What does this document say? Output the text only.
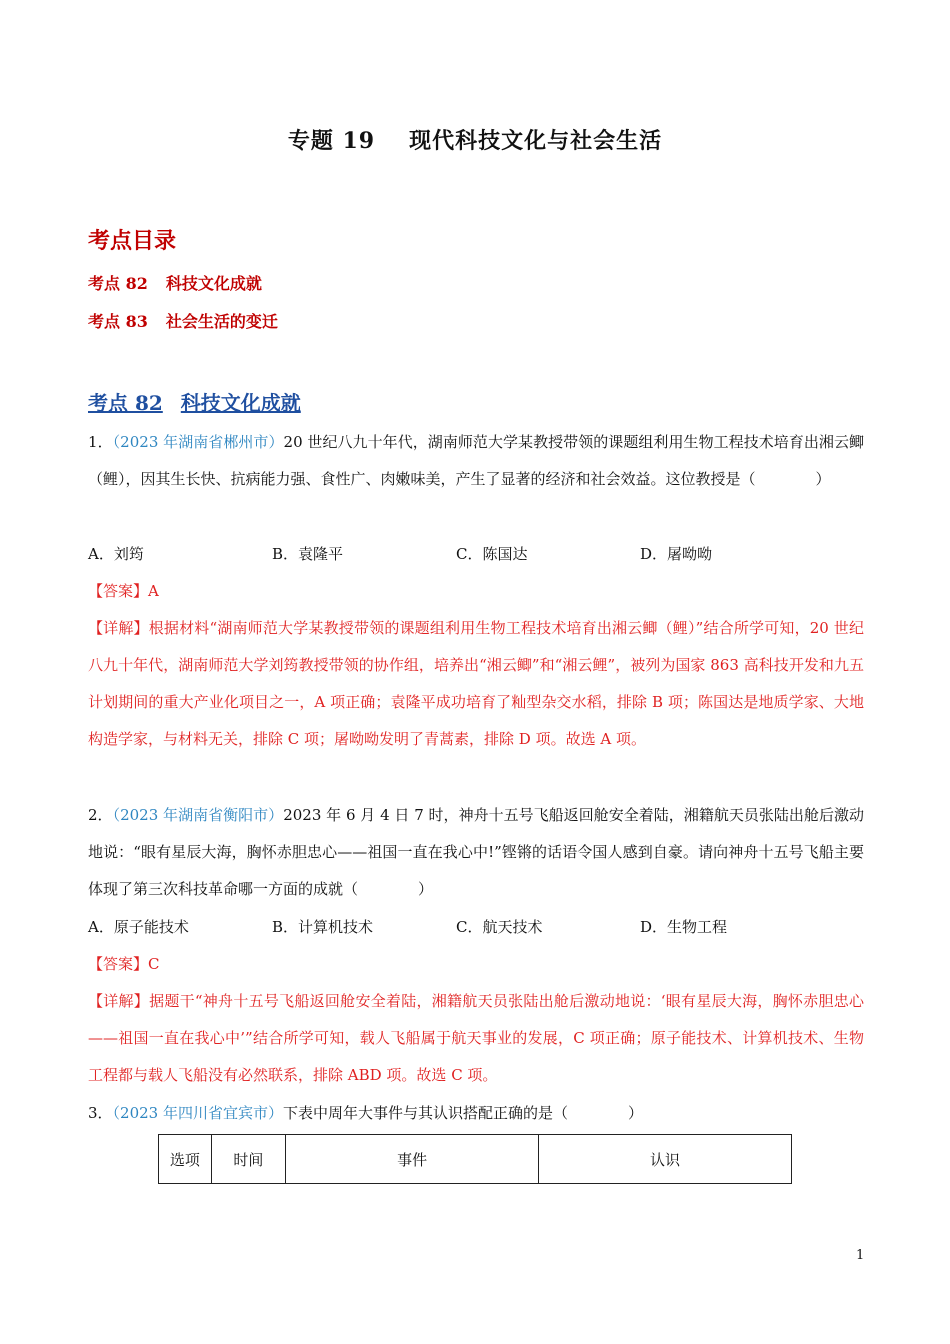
专题 19 现代科技文化与社会生活
考点目录
考点 82 科技文化成就
考点 83 社会生活的变迁
考点 82 科技文化成就
1．（2023 年湖南省郴州市）20 世纪八九十年代，湖南师范大学某教授带领的课题组利用生物工程技术培育出湘云鲫（鲤），因其生长快、抗病能力强、食性广、肉嫩味美，产生了显著的经济和社会效益。这位教授是（　　　　）
A．刘筠	B．袁隆平	C．陈国达	D．屠呦呦
【答案】A
【详解】根据材料“湖南师范大学某教授带领的课题组利用生物工程技术培育出湘云鲫（鲤）”结合所学可知，20 世纪八九十年代，湖南师范大学刘筠教授带领的协作组，培养出“湘云鲫”和“湘云鲤”，被列为国家 863 高科技开发和九五计划期间的重大产业化项目之一，A 项正确；袁隆平成功培育了籼型杂交水稻，排除 B 项；陈国达是地质学家、大地构造学家，与材料无关，排除 C 项；屠呦呦发明了青蒿素，排除 D 项。故选 A 项。
2．（2023 年湖南省衡阳市）2023 年 6 月 4 日 7 时，神舟十五号飞船返回舱安全着陆，湘籍航天员张陆出舱后激动地说：“眼有星辰大海，胸怀赤胆忠心——祖国一直在我心中!”铿锵的话语令国人感到自豪。请向神舟十五号飞船主要体现了第三次科技革命哪一方面的成就（　　　　）
A．原子能技术	B．计算机技术	C．航天技术	D．生物工程
【答案】C
【详解】据题干“神舟十五号飞船返回舱安全着陆，湘籍航天员张陆出舱后激动地说：‘眼有星辰大海，胸怀赤胆忠心——祖国一直在我心中’”结合所学可知，载人飞船属于航天事业的发展，C 项正确；原子能技术、计算机技术、生物工程都与载人飞船没有必然联系，排除 ABD 项。故选 C 项。
3．（2023 年四川省宜宾市）下表中周年大事件与其认识搭配正确的是（　　　　）
选项	时间	事件	认识
1
